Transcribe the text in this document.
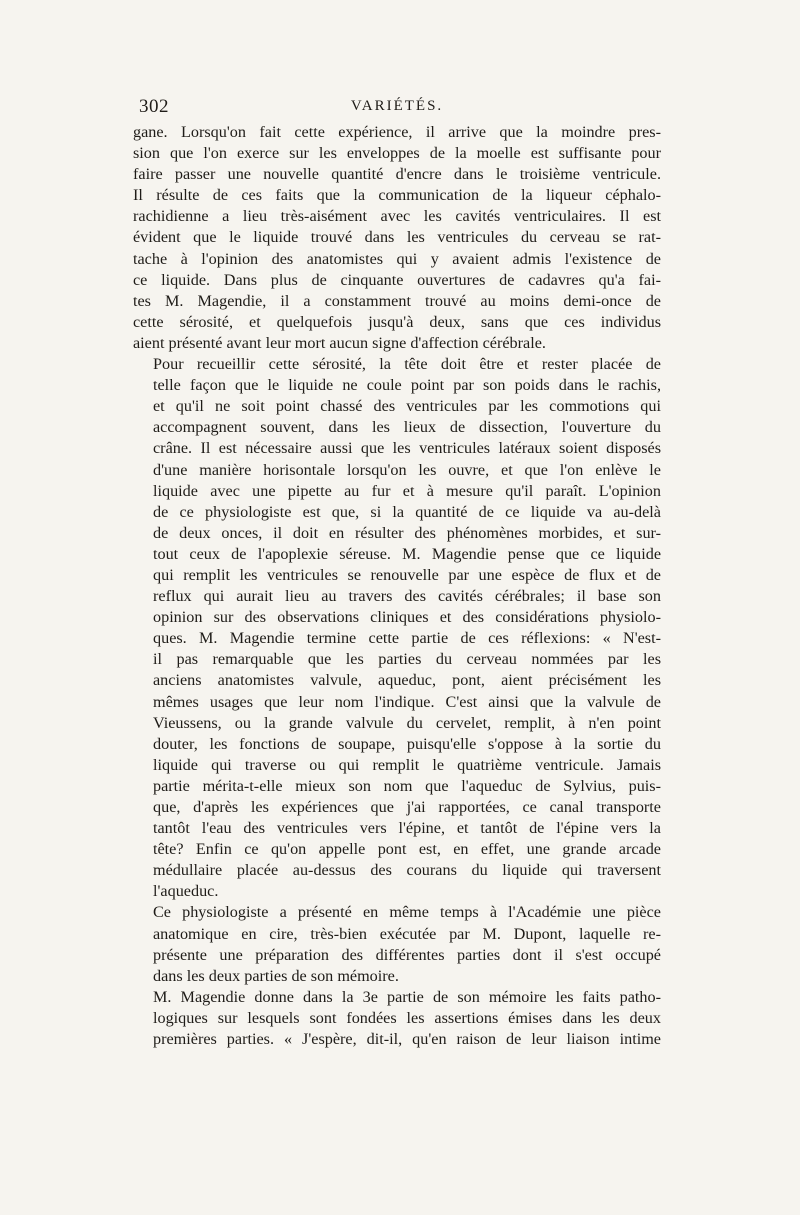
302	VARIÉTÉS.

gane. Lorsqu'on fait cette expérience, il arrive que la moindre pres-
sion que l'on exerce sur les enveloppes de la moelle est suffisante pour
faire passer une nouvelle quantité d'encre dans le troisième ventricule.
Il résulte de ces faits que la communication de la liqueur céphalo-
rachidienne a lieu très-aisément avec les cavités ventriculaires. Il est
évident que le liquide trouvé dans les ventricules du cerveau se rat-
tache à l'opinion des anatomistes qui y avaient admis l'existence de
ce liquide. Dans plus de cinquante ouvertures de cadavres qu'a fai-
tes M. Magendie, il a constamment trouvé au moins demi-once de
cette sérosité, et quelquefois jusqu'à deux, sans que ces individus
aient présenté avant leur mort aucun signe d'affection cérébrale.

Pour recueillir cette sérosité, la tête doit être et rester placée de
telle façon que le liquide ne coule point par son poids dans le rachis,
et qu'il ne soit point chassé des ventricules par les commotions qui
accompagnent souvent, dans les lieux de dissection, l'ouverture du
crâne. Il est nécessaire aussi que les ventricules latéraux soient disposés
d'une manière horisontale lorsqu'on les ouvre, et que l'on enlève le
liquide avec une pipette au fur et à mesure qu'il paraît. L'opinion
de ce physiologiste est que, si la quantité de ce liquide va au-delà
de deux onces, il doit en résulter des phénomènes morbides, et sur-
tout ceux de l'apoplexie séreuse. M. Magendie pense que ce liquide
qui remplit les ventricules se renouvelle par une espèce de flux et de
reflux qui aurait lieu au travers des cavités cérébrales; il base son
opinion sur des observations cliniques et des considérations physiolo-
ques. M. Magendie termine cette partie de ces réflexions: « N'est-
il pas remarquable que les parties du cerveau nommées par les
anciens anatomistes valvule, aqueduc, pont, aient précisément les
mêmes usages que leur nom l'indique. C'est ainsi que la valvule de
Vieussens, ou la grande valvule du cervelet, remplit, à n'en point
douter, les fonctions de soupape, puisqu'elle s'oppose à la sortie du
liquide qui traverse ou qui remplit le quatrième ventricule. Jamais
partie mérita-t-elle mieux son nom que l'aqueduc de Sylvius, puis-
que, d'après les expériences que j'ai rapportées, ce canal transporte
tantôt l'eau des ventricules vers l'épine, et tantôt de l'épine vers la
tête? Enfin ce qu'on appelle pont est, en effet, une grande arcade
médullaire placée au-dessus des courans du liquide qui traversent
l'aqueduc.

Ce physiologiste a présenté en même temps à l'Académie une pièce
anatomique en cire, très-bien exécutée par M. Dupont, laquelle re-
présente une préparation des différentes parties dont il s'est occupé
dans les deux parties de son mémoire.

M. Magendie donne dans la 3e partie de son mémoire les faits patho-
logiques sur lesquels sont fondées les assertions émises dans les deux
premières parties. « J'espère, dit-il, qu'en raison de leur liaison intime
